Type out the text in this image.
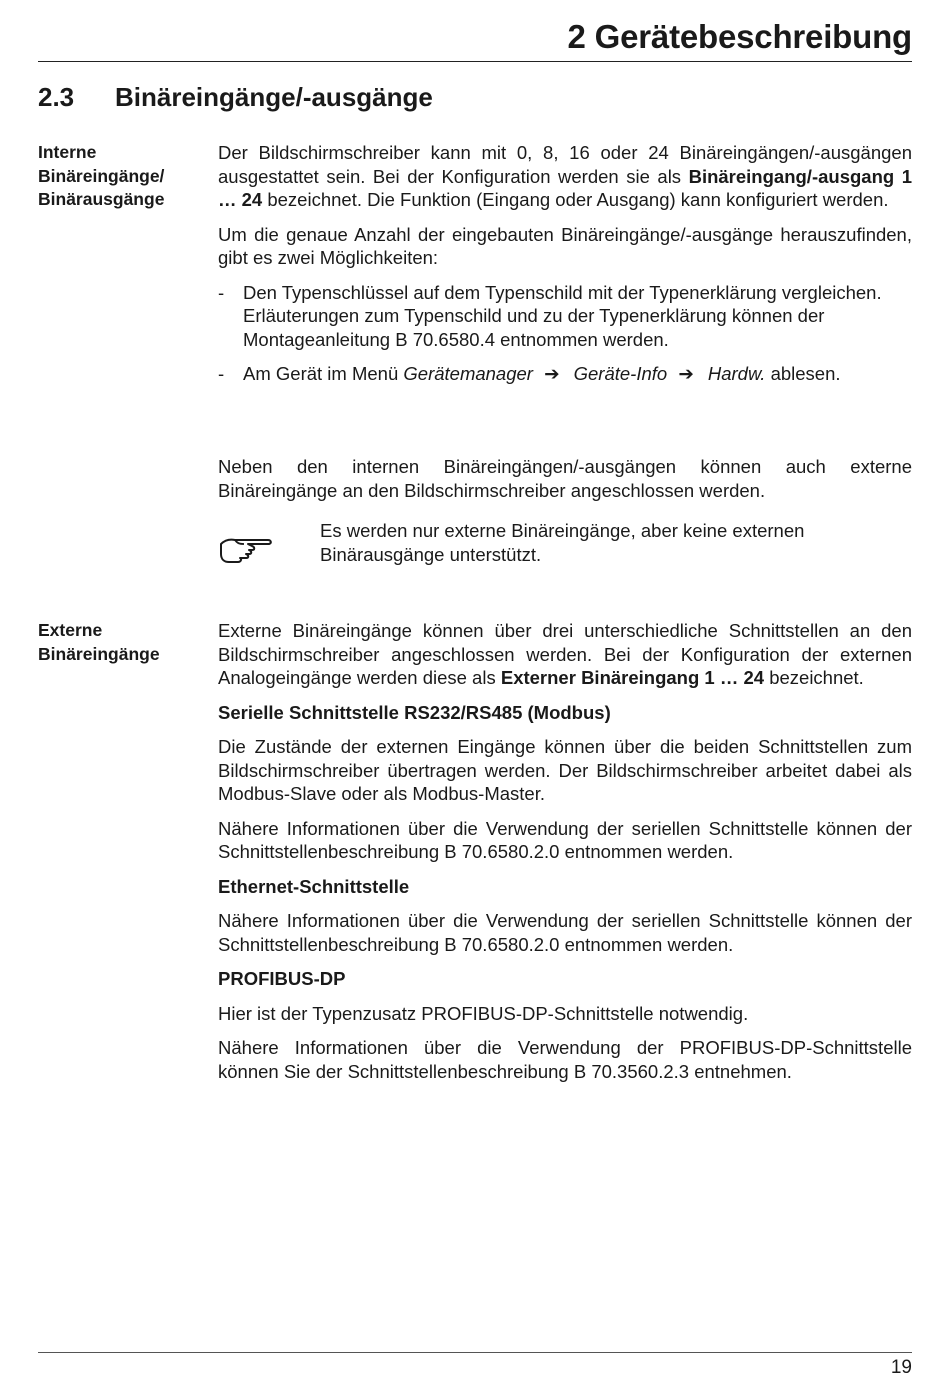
2 Gerätebeschreibung
2.3 Binäreingänge/-ausgänge
Interne
Binäreingänge/
Binärausgänge

Der Bildschirmschreiber kann mit 0, 8, 16 oder 24 Binäreingängen/-ausgängen ausgestattet sein. Bei der Konfiguration werden sie als Binäreingang/-ausgang 1 … 24 bezeichnet. Die Funktion (Eingang oder Ausgang) kann konfiguriert werden.

Um die genaue Anzahl der eingebauten Binäreingänge/-ausgänge herauszufinden, gibt es zwei Möglichkeiten:

- Den Typenschlüssel auf dem Typenschild mit der Typenerklärung vergleichen. Erläuterungen zum Typenschild und zu der Typenerklärung können der Montageanleitung B 70.6580.4 entnommen werden.
- Am Gerät im Menü Gerätemanager ➔ Geräte-Info ➔ Hardw. ablesen.

Neben den internen Binäreingängen/-ausgängen können auch externe Binäreingänge an den Bildschirmschreiber angeschlossen werden.

Es werden nur externe Binäreingänge, aber keine externen Binärausgänge unterstützt.
Externe
Binäreingänge

Externe Binäreingänge können über drei unterschiedliche Schnittstellen an den Bildschirmschreiber angeschlossen werden. Bei der Konfiguration der externen Analogeingänge werden diese als Externer Binäreingang 1 … 24 bezeichnet.

Serielle Schnittstelle RS232/RS485 (Modbus)

Die Zustände der externen Eingänge können über die beiden Schnittstellen zum Bildschirmschreiber übertragen werden. Der Bildschirmschreiber arbeitet dabei als Modbus-Slave oder als Modbus-Master.

Nähere Informationen über die Verwendung der seriellen Schnittstelle können der Schnittstellenbeschreibung B 70.6580.2.0 entnommen werden.

Ethernet-Schnittstelle

Nähere Informationen über die Verwendung der seriellen Schnittstelle können der Schnittstellenbeschreibung B 70.6580.2.0 entnommen werden.

PROFIBUS-DP

Hier ist der Typenzusatz PROFIBUS-DP-Schnittstelle notwendig.

Nähere Informationen über die Verwendung der PROFIBUS-DP-Schnittstelle können Sie der Schnittstellenbeschreibung B 70.3560.2.3 entnehmen.

19
